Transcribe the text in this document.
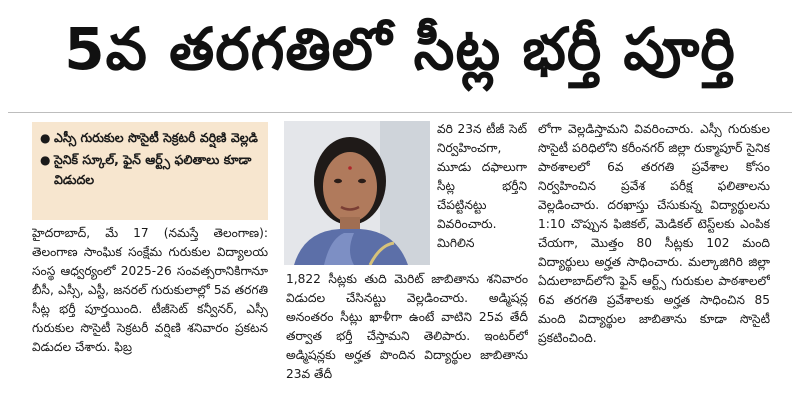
5వ తరగతిలో సీట్ల భర్తీ పూర్తి
● ఎస్సీ గురుకుల సొసైటీ సెక్రటరీ వర్షిణి వెల్లడి
● సైనిక్ స్కూల్, ఫైన్ ఆర్ట్స్ ఫలితాలు కూడా విడుదల
హైదరాబాద్, మే 17 (నమస్తే తెలంగాణ): తెలంగాణ సాంఘిక సంక్షేమ గురుకుల విద్యాలయ సంస్థ ఆధ్వర్యంలో 2025-26 సంవత్సరానికిగానూ బీసీ, ఎస్సీ, ఎస్టీ, జనరల్ గురుకులాల్లో 5వ తరగతి సీట్ల భర్తీ పూర్తయింది. టీజీసెట్ కన్వీనర్, ఎస్సీ గురుకుల సొసైటీ సెక్రటరీ వర్షిణి శనివారం ప్రకటన విడుదల చేశారు. ఫిబ్ర
వరి 23న టీజీ సెట్ నిర్వహించగా, మూడు దఫాలుగా సీట్ల భర్తీని చేపట్టినట్టు వివరించారు. మిగిలిన
1,822 సీట్లకు తుది మెరిట్ జాబితాను శనివారం విడుదల చేసినట్టు వెల్లడించారు. అడ్మిషన్ల అనంతరం సీట్లు ఖాళీగా ఉంటే వాటిని 25వ తేదీ తర్వాత భర్తీ చేస్తామని తెలిపారు. ఇంటర్‌లో అడ్మిషన్లకు అర్హత పొందిన విద్యార్థుల జాబితాను 23వ తేదీ
లోగా వెల్లడిస్తామని వివరించారు. ఎస్సీ గురుకుల సొసైటీ పరిధిలోని కరీంనగర్ జిల్లా రుక్మాపూర్ సైనిక పాఠశాలలో 6వ తరగతి ప్రవేశాల కోసం నిర్వహించిన ప్రవేశ పరీక్ష ఫలితాలను వెల్లడించారు. దరఖాస్తు చేసుకున్న విద్యార్థులను 1:10 చొప్పున ఫిజికల్, మెడికల్ టెస్ట్‌లకు ఎంపిక చేయగా, మొత్తం 80 సీట్లకు 102 మంది విద్యార్థులు అర్హత సాధించారు. మల్కాజిగిరి జిల్లా ఏదులాబాద్‌లోని ఫైన్ ఆర్ట్స్ గురుకుల పాఠశాలలో 6వ తరగతి ప్రవేశాలకు అర్హత సాధించిన 85 మంది విద్యార్థుల జాబితాను కూడా సొసైటీ ప్రకటించింది.
